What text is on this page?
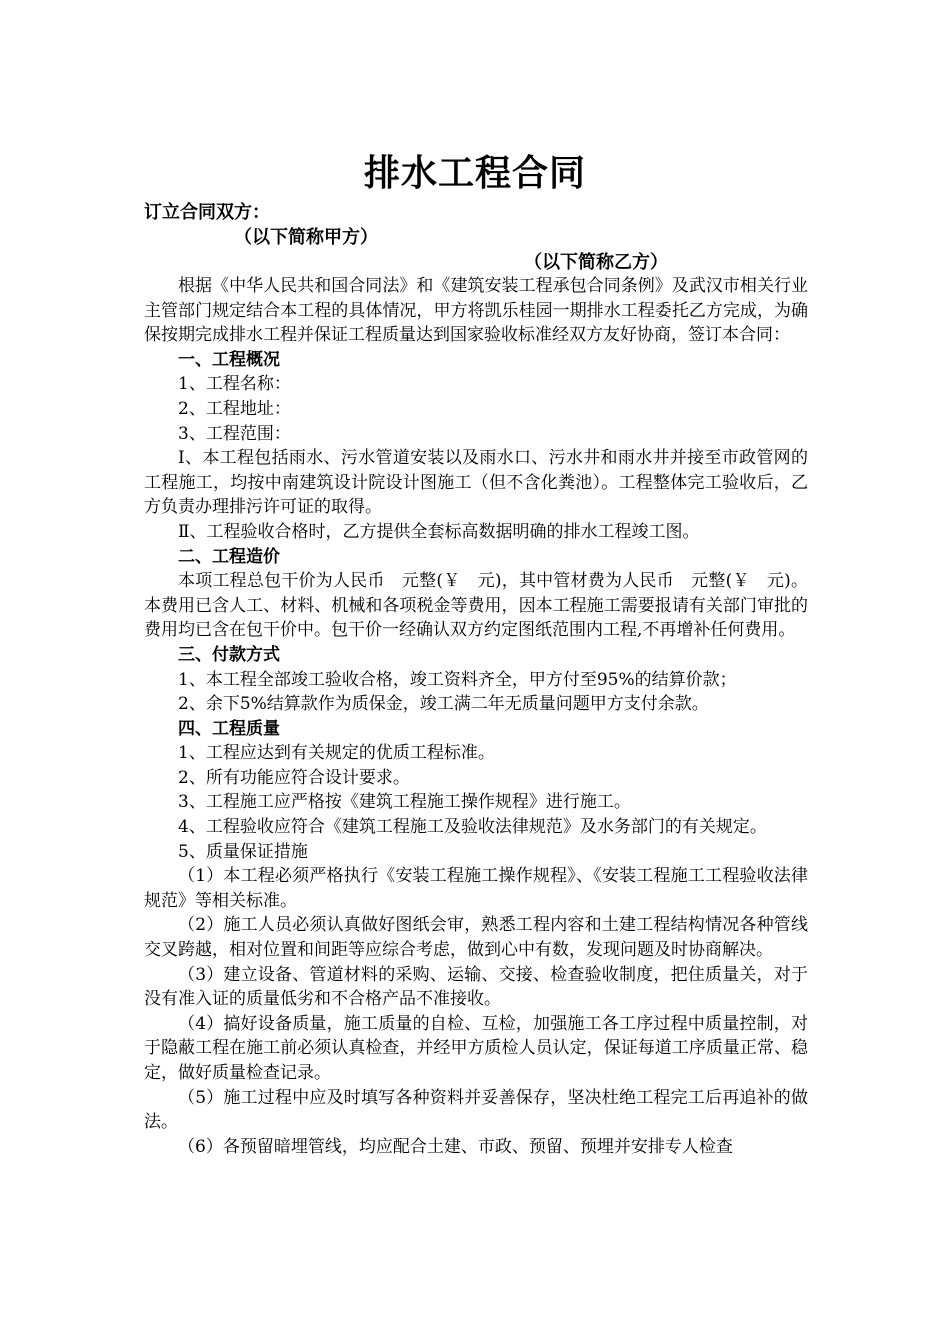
排水工程合同
订立合同双方：
（以下简称甲方）
（以下简称乙方）

根据《中华人民共和国合同法》和《建筑安装工程承包合同条例》及武汉市相关行业主管部门规定结合本工程的具体情况，甲方将凯乐桂园一期排水工程委托乙方完成，为确保按期完成排水工程并保证工程质量达到国家验收标准经双方友好协商，签订本合同：

一、工程概况

1、工程名称：

2、工程地址：

3、工程范围：

Ⅰ、本工程包括雨水、污水管道安装以及雨水口、污水井和雨水井并接至市政管网的工程施工，均按中南建筑设计院设计图施工（但不含化粪池）。工程整体完工验收后，乙方负责办理排污许可证的取得。

Ⅱ、工程验收合格时，乙方提供全套标高数据明确的排水工程竣工图。

二、工程造价

本项工程总包干价为人民币　元整(￥　元)，其中管材费为人民币　元整(￥　元)。本费用已含人工、材料、机械和各项税金等费用，因本工程施工需要报请有关部门审批的费用均已含在包干价中。包干价一经确认双方约定图纸范围内工程,不再增补任何费用。

三、付款方式

1、本工程全部竣工验收合格，竣工资料齐全，甲方付至95%的结算价款；

2、余下5%结算款作为质保金，竣工满二年无质量问题甲方支付余款。

四、工程质量

1、工程应达到有关规定的优质工程标准。

2、所有功能应符合设计要求。

3、工程施工应严格按《建筑工程施工操作规程》进行施工。

4、工程验收应符合《建筑工程施工及验收法律规范》及水务部门的有关规定。

5、质量保证措施

（1）本工程必须严格执行《安装工程施工操作规程》、《安装工程施工工程验收法律规范》等相关标准。

（2）施工人员必须认真做好图纸会审，熟悉工程内容和土建工程结构情况各种管线交叉跨越，相对位置和间距等应综合考虑，做到心中有数，发现问题及时协商解决。

（3）建立设备、管道材料的采购、运输、交接、检查验收制度，把住质量关，对于没有准入证的质量低劣和不合格产品不准接收。

（4）搞好设备质量，施工质量的自检、互检，加强施工各工序过程中质量控制，对于隐蔽工程在施工前必须认真检查，并经甲方质检人员认定，保证每道工序质量正常、稳定，做好质量检查记录。

（5）施工过程中应及时填写各种资料并妥善保存，坚决杜绝工程完工后再追补的做法。

（6）各预留暗埋管线，均应配合土建、市政、预留、预埋并安排专人检查
